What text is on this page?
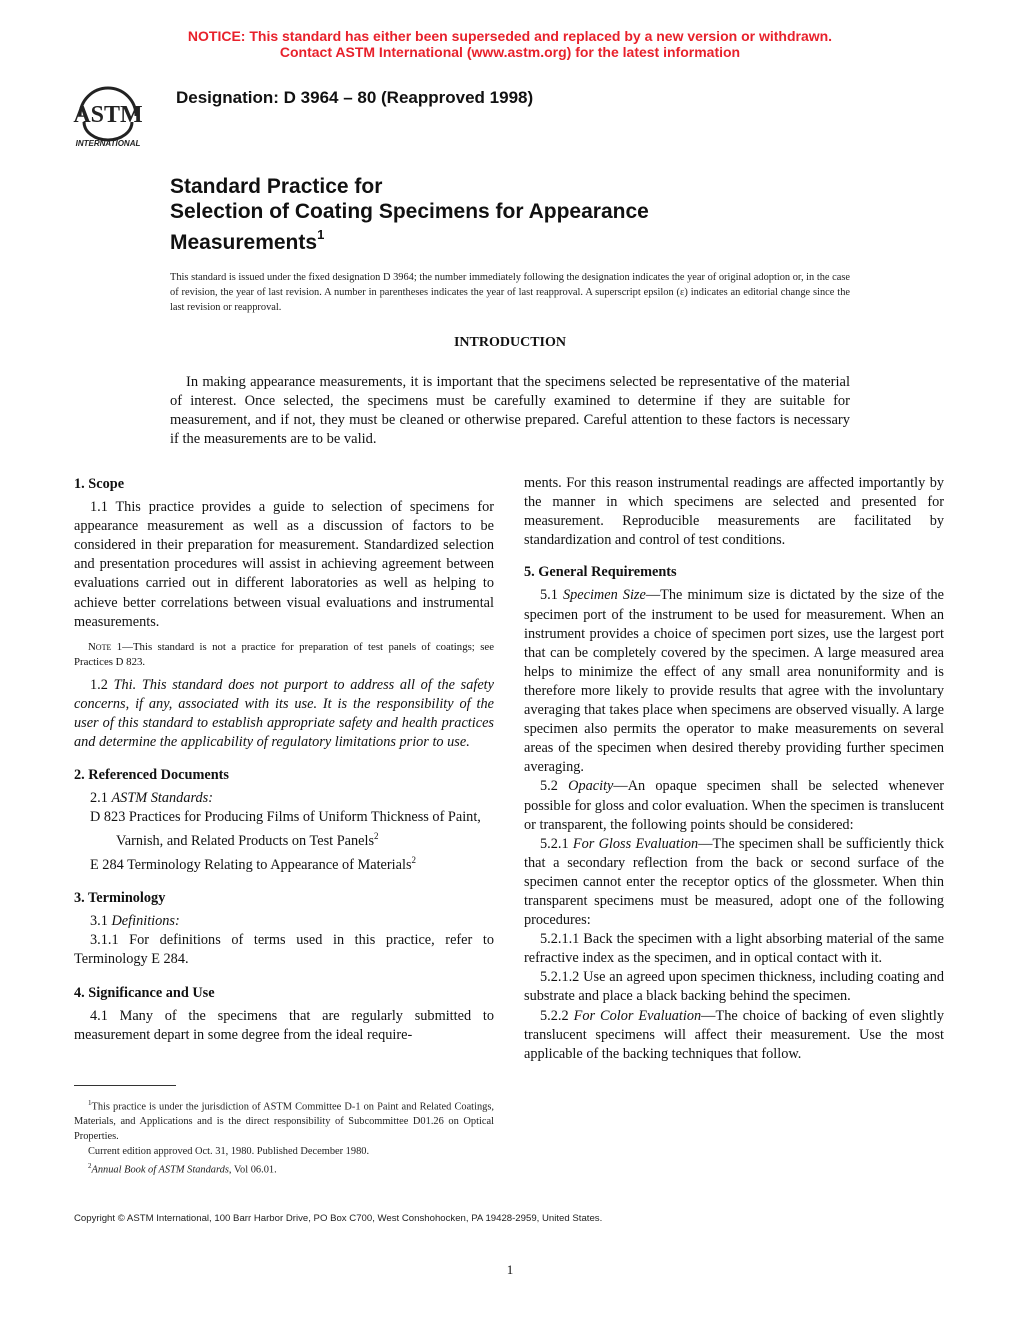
NOTICE: This standard has either been superseded and replaced by a new version or withdrawn.
Contact ASTM International (www.astm.org) for the latest information
ASTM
INTERNATIONAL
Designation: D 3964 – 80 (Reapproved 1998)
Standard Practice for
Selection of Coating Specimens for Appearance
Measurements$^1$
This standard is issued under the fixed designation D 3964; the number immediately following the designation indicates the year of original adoption or, in the case of revision, the year of last revision. A number in parentheses indicates the year of last reapproval. A superscript epsilon (ε) indicates an editorial change since the last revision or reapproval.
INTRODUCTION
In making appearance measurements, it is important that the specimens selected be representative of the material of interest. Once selected, the specimens must be carefully examined to determine if they are suitable for measurement, and if not, they must be cleaned or otherwise prepared. Careful attention to these factors is necessary if the measurements are to be valid.

1. Scope

1.1 This practice provides a guide to selection of specimens for appearance measurement as well as a discussion of factors to be considered in their preparation for measurement. Standardized selection and presentation procedures will assist in achieving agreement between evaluations carried out in different laboratories as well as helping to achieve better correlations between visual evaluations and instrumental measurements.

Note 1—This standard is not a practice for preparation of test panels of coatings; see Practices D 823.

1.2 Thi. This standard does not purport to address all of the safety concerns, if any, associated with its use. It is the responsibility of the user of this standard to establish appropriate safety and health practices and determine the applicability of regulatory limitations prior to use.

2. Referenced Documents

2.1 ASTM Standards:

D 823 Practices for Producing Films of Uniform Thickness of Paint, Varnish, and Related Products on Test Panels$^2$

E 284 Terminology Relating to Appearance of Materials$^2$

3. Terminology

3.1 Definitions:

3.1.1 For definitions of terms used in this practice, refer to Terminology E 284.

4. Significance and Use

4.1 Many of the specimens that are regularly submitted to measurement depart in some degree from the ideal require-

ments. For this reason instrumental readings are affected importantly by the manner in which specimens are selected and presented for measurement. Reproducible measurements are facilitated by standardization and control of test conditions.

5. General Requirements

5.1 Specimen Size—The minimum size is dictated by the size of the specimen port of the instrument to be used for measurement. When an instrument provides a choice of specimen port sizes, use the largest port that can be completely covered by the specimen. A large measured area helps to minimize the effect of any small area nonuniformity and is therefore more likely to provide results that agree with the involuntary averaging that takes place when specimens are observed visually. A large specimen also permits the operator to make measurements on several areas of the specimen when desired thereby providing further specimen averaging.

5.2 Opacity—An opaque specimen shall be selected whenever possible for gloss and color evaluation. When the specimen is translucent or transparent, the following points should be considered:

5.2.1 For Gloss Evaluation—The specimen shall be sufficiently thick that a secondary reflection from the back or second surface of the specimen cannot enter the receptor optics of the glossmeter. When thin transparent specimens must be measured, adopt one of the following procedures:

5.2.1.1 Back the specimen with a light absorbing material of the same refractive index as the specimen, and in optical contact with it.

5.2.1.2 Use an agreed upon specimen thickness, including coating and substrate and place a black backing behind the specimen.

5.2.2 For Color Evaluation—The choice of backing of even slightly translucent specimens will affect their measurement. Use the most applicable of the backing techniques that follow.

$^1$This practice is under the jurisdiction of ASTM Committee D-1 on Paint and Related Coatings, Materials, and Applications and is the direct responsibility of Subcommittee D01.26 on Optical Properties.

Current edition approved Oct. 31, 1980. Published December 1980.

$^2$Annual Book of ASTM Standards, Vol 06.01.

Copyright © ASTM International, 100 Barr Harbor Drive, PO Box C700, West Conshohocken, PA 19428-2959, United States.
1
